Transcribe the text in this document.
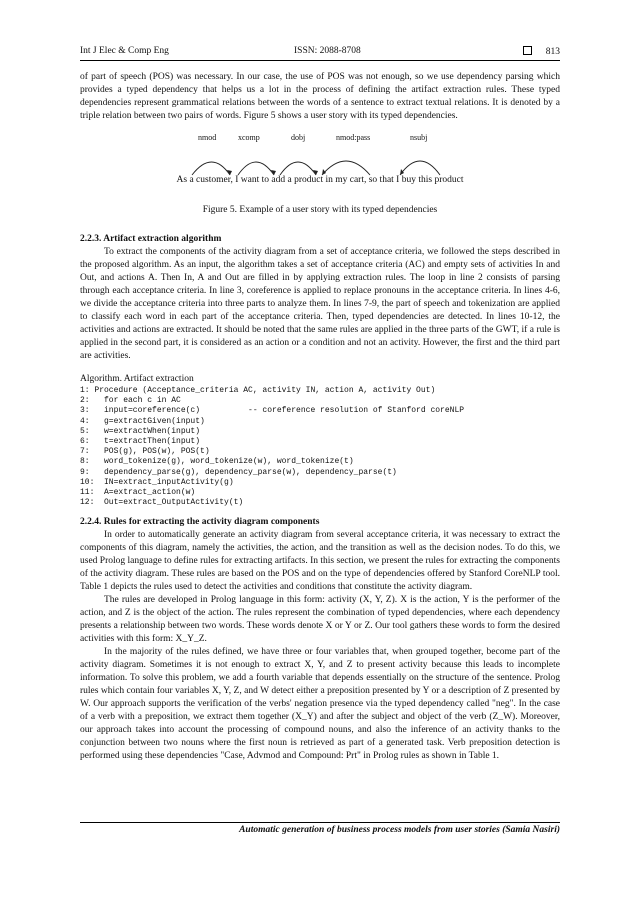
Int J Elec & Comp Eng	ISSN: 2088-8708	813

of part of speech (POS) was necessary. In our case, the use of POS was not enough, so we use dependency parsing which provides a typed dependency that helps us a lot in the process of defining the artifact extraction rules. These typed dependencies represent grammatical relations between the words of a sentence to extract textual relations. It is denoted by a triple relation between two pairs of words. Figure 5 shows a user story with its typed dependencies.

nmod	xcomp	dobj	nmod:pass	nsubj
As a customer, I want to add a product in my cart, so that I buy this product
Figure 5. Example of a user story with its typed dependencies
2.2.3. Artifact extraction algorithm

To extract the components of the activity diagram from a set of acceptance criteria, we followed the steps described in the proposed algorithm. As an input, the algorithm takes a set of acceptance criteria (AC) and empty sets of activities In and Out, and actions A. Then In, A and Out are filled in by applying extraction rules. The loop in line 2 consists of parsing through each acceptance criteria. In line 3, coreference is applied to replace pronouns in the acceptance criteria. In lines 4-6, we divide the acceptance criteria into three parts to analyze them. In lines 7-9, the part of speech and tokenization are applied to classify each word in each part of the acceptance criteria. Then, typed dependencies are detected. In lines 10-12, the activities and actions are extracted. It should be noted that the same rules are applied in the three parts of the GWT, if a rule is applied in the second part, it is considered as an action or a condition and not an activity. However, the first and the third part are activities.

Algorithm. Artifact extraction
1: Procedure (Acceptance_criteria AC, activity IN, action A, activity Out)
2:   for each c in AC
3:   input=coreference(c)          -- coreference resolution of Stanford coreNLP
4:   g=extractGiven(input)
5:   w=extractWhen(input)
6:   t=extractThen(input)
7:   POS(g), POS(w), POS(t)
8:   word_tokenize(g), word_tokenize(w), word_tokenize(t)
9:   dependency_parse(g), dependency_parse(w), dependency_parse(t)
10:  IN=extract_inputActivity(g)
11:  A=extract_action(w)
12:  Out=extract_OutputActivity(t)
2.2.4. Rules for extracting the activity diagram components

In order to automatically generate an activity diagram from several acceptance criteria, it was necessary to extract the components of this diagram, namely the activities, the action, and the transition as well as the decision nodes. To do this, we used Prolog language to define rules for extracting artifacts. In this section, we present the rules for extracting the components of the activity diagram. These rules are based on the POS and on the type of dependencies offered by Stanford CoreNLP tool. Table 1 depicts the rules used to detect the activities and conditions that constitute the activity diagram.

The rules are developed in Prolog language in this form: activity (X, Y, Z). X is the action, Y is the performer of the action, and Z is the object of the action. The rules represent the combination of typed dependencies, where each dependency presents a relationship between two words. These words denote X or Y or Z. Our tool gathers these words to form the desired activities with this form: X_Y_Z.

In the majority of the rules defined, we have three or four variables that, when grouped together, become part of the activity diagram. Sometimes it is not enough to extract X, Y, and Z to present activity because this leads to incomplete information. To solve this problem, we add a fourth variable that depends essentially on the structure of the sentence. Prolog rules which contain four variables X, Y, Z, and W detect either a preposition presented by Y or a description of Z presented by W. Our approach supports the verification of the verbs' negation presence via the typed dependency called "neg". In the case of a verb with a preposition, we extract them together (X_Y) and after the subject and object of the verb (Z_W). Moreover, our approach takes into account the processing of compound nouns, and also the inference of an activity thanks to the conjunction between two nouns where the first noun is retrieved as part of a generated task. Verb preposition detection is performed using these dependencies "Case, Advmod and Compound: Prt" in Prolog rules as shown in Table 1.

Automatic generation of business process models from user stories (Samia Nasiri)
